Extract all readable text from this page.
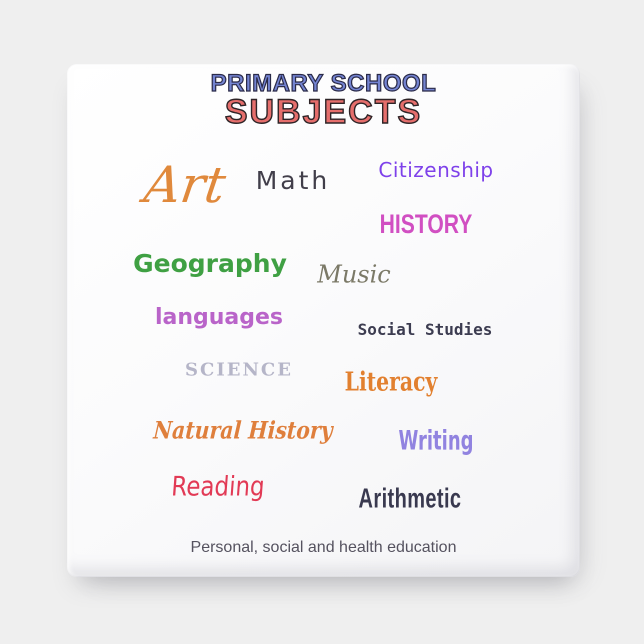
PRIMARY SCHOOL
SUBJECTS
Art Math Citizenship
HISTORY
Geography Music
languages	Social Studies
SCIENCE	Literacy
Natural History	Writing
Reading	Arithmetic
Personal, social and health education
